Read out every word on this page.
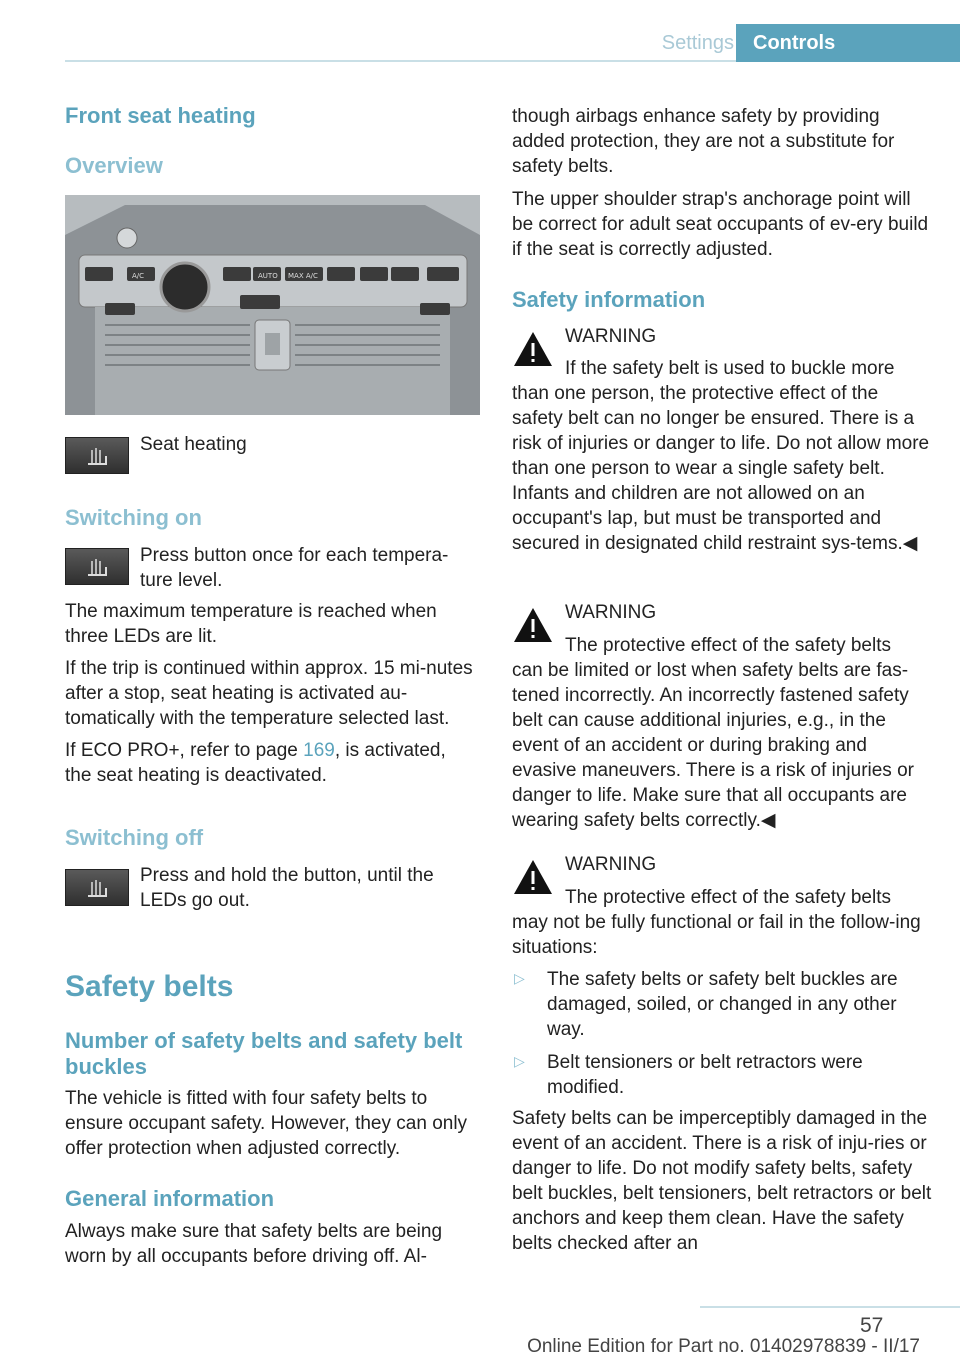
Settings Controls
Front seat heating
Overview
AUTO MAX A/C
A/C
Seat heating
Switching on
Press button once for each tempera‐ture level.
The maximum temperature is reached when three LEDs are lit.
If the trip is continued within approx. 15 mi‐nutes after a stop, seat heating is activated au‐tomatically with the temperature selected last.
If ECO PRO+, refer to page 169, is activated, the seat heating is deactivated.
Switching off
Press and hold the button, until the LEDs go out.
Safety belts
Number of safety belts and safety belt buckles
The vehicle is fitted with four safety belts to ensure occupant safety. However, they can only offer protection when adjusted correctly.
General information
Always make sure that safety belts are being worn by all occupants before driving off. Al‐
though airbags enhance safety by providing added protection, they are not a substitute for safety belts.
The upper shoulder strap's anchorage point will be correct for adult seat occupants of ev‐ery build if the seat is correctly adjusted.
Safety information
WARNING
If the safety belt is used to buckle more
than one person, the protective effect of the safety belt can no longer be ensured. There is a risk of injuries or danger to life. Do not allow more than one person to wear a single safety belt. Infants and children are not allowed on an occupant's lap, but must be transported and secured in designated child restraint sys‐tems.◀
WARNING
The protective effect of the safety belts
can be limited or lost when safety belts are fas‐tened incorrectly. An incorrectly fastened safety belt can cause additional injuries, e.g., in the event of an accident or during braking and evasive maneuvers. There is a risk of injuries or danger to life. Make sure that all occupants are wearing safety belts correctly.◀
WARNING
The protective effect of the safety belts
may not be fully functional or fail in the follow‐ing situations:
▷ The safety belts or safety belt buckles are damaged, soiled, or changed in any other way.
▷ Belt tensioners or belt retractors were modified.
Safety belts can be imperceptibly damaged in the event of an accident. There is a risk of inju‐ries or danger to life. Do not modify safety belts, safety belt buckles, belt tensioners, belt retractors or belt anchors and keep them clean. Have the safety belts checked after an
57
Online Edition for Part no. 01402978839 - II/17
